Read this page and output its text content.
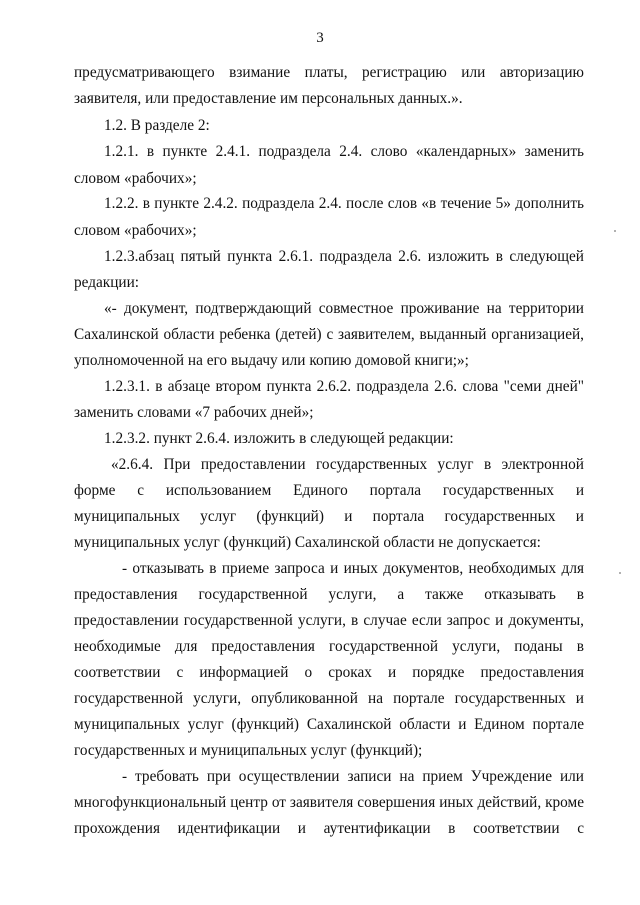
3
предусматривающего взимание платы, регистрацию или авторизацию
заявителя, или предоставление им персональных данных.».
1.2. В разделе 2:
1.2.1. в пункте 2.4.1. подраздела 2.4. слово «календарных» заменить
словом «рабочих»;
1.2.2. в пункте 2.4.2. подраздела 2.4. после слов «в течение 5» дополнить
словом «рабочих»;
1.2.3.абзац пятый пункта 2.6.1. подраздела 2.6. изложить в следующей
редакции:
«- документ, подтверждающий совместное проживание на территории
Сахалинской области ребенка (детей) с заявителем, выданный организацией,
уполномоченной на его выдачу или копию домовой книги;»;
1.2.3.1. в абзаце втором пункта 2.6.2. подраздела 2.6. слова "семи дней"
заменить словами «7 рабочих дней»;
1.2.3.2. пункт 2.6.4. изложить в следующей редакции:
«2.6.4. При предоставлении государственных услуг в электронной
форме с использованием Единого портала государственных и
муниципальных услуг (функций) и портала государственных и
муниципальных услуг (функций) Сахалинской области не допускается:
- отказывать в приеме запроса и иных документов, необходимых для
предоставления государственной услуги, а также отказывать в
предоставлении государственной услуги, в случае если запрос и документы,
необходимые для предоставления государственной услуги, поданы в
соответствии с информацией о сроках и порядке предоставления
государственной услуги, опубликованной на портале государственных и
муниципальных услуг (функций) Сахалинской области и Едином портале
государственных и муниципальных услуг (функций);
- требовать при осуществлении записи на прием Учреждение или
многофункциональный центр от заявителя совершения иных действий, кроме
прохождения идентификации и аутентификации в соответствии с
